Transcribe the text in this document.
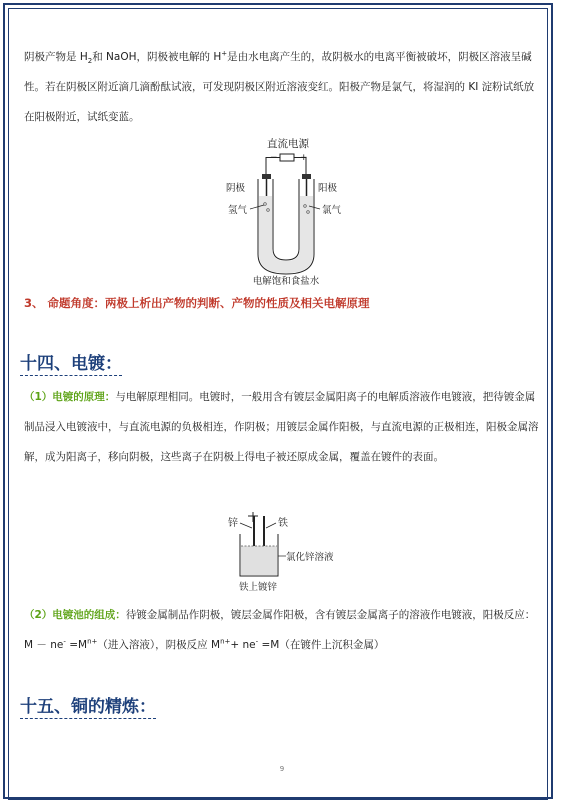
阴极产物是 $H_2$和 NaOH，阴极被电解的 H+是由水电离产生的，故阴极水的电离平衡被破坏，阴极区溶液呈碱性。若在阴极区附近滴几滴酚酞试液，可发现阴极区附近溶液变红。阳极产物是氯气，将湿润的 KI 淀粉试纸放在阳极附近，试纸变蓝。

直流电源
− +
阴极	阳极
氢气	氯气
电解饱和食盐水
3、 命题角度：两极上析出产物的判断、产物的性质及相关电解原理
十四、电镀：

（1）电镀的原理：与电解原理相同。电镀时，一般用含有镀层金属阳离子的电解质溶液作电镀液，把待镀金属制品浸入电镀液中，与直流电源的负极相连，作阴极；用镀层金属作阳极，与直流电源的正极相连，阳极金属溶解，成为阳离子，移向阴极，这些离子在阴极上得电子被还原成金属，覆盖在镀件的表面。

锌	铁
氯化锌溶液
铁上镀锌

（2）电镀池的组成：待镀金属制品作阴极，镀层金属作阳极，含有镀层金属离子的溶液作电镀液，阳极反应：$M - ne^- =M^{n+}$（进入溶液），阴极反应 $M^{n+}+ ne^- =M$（在镀件上沉积金属）

十五、铜的精炼：
9
